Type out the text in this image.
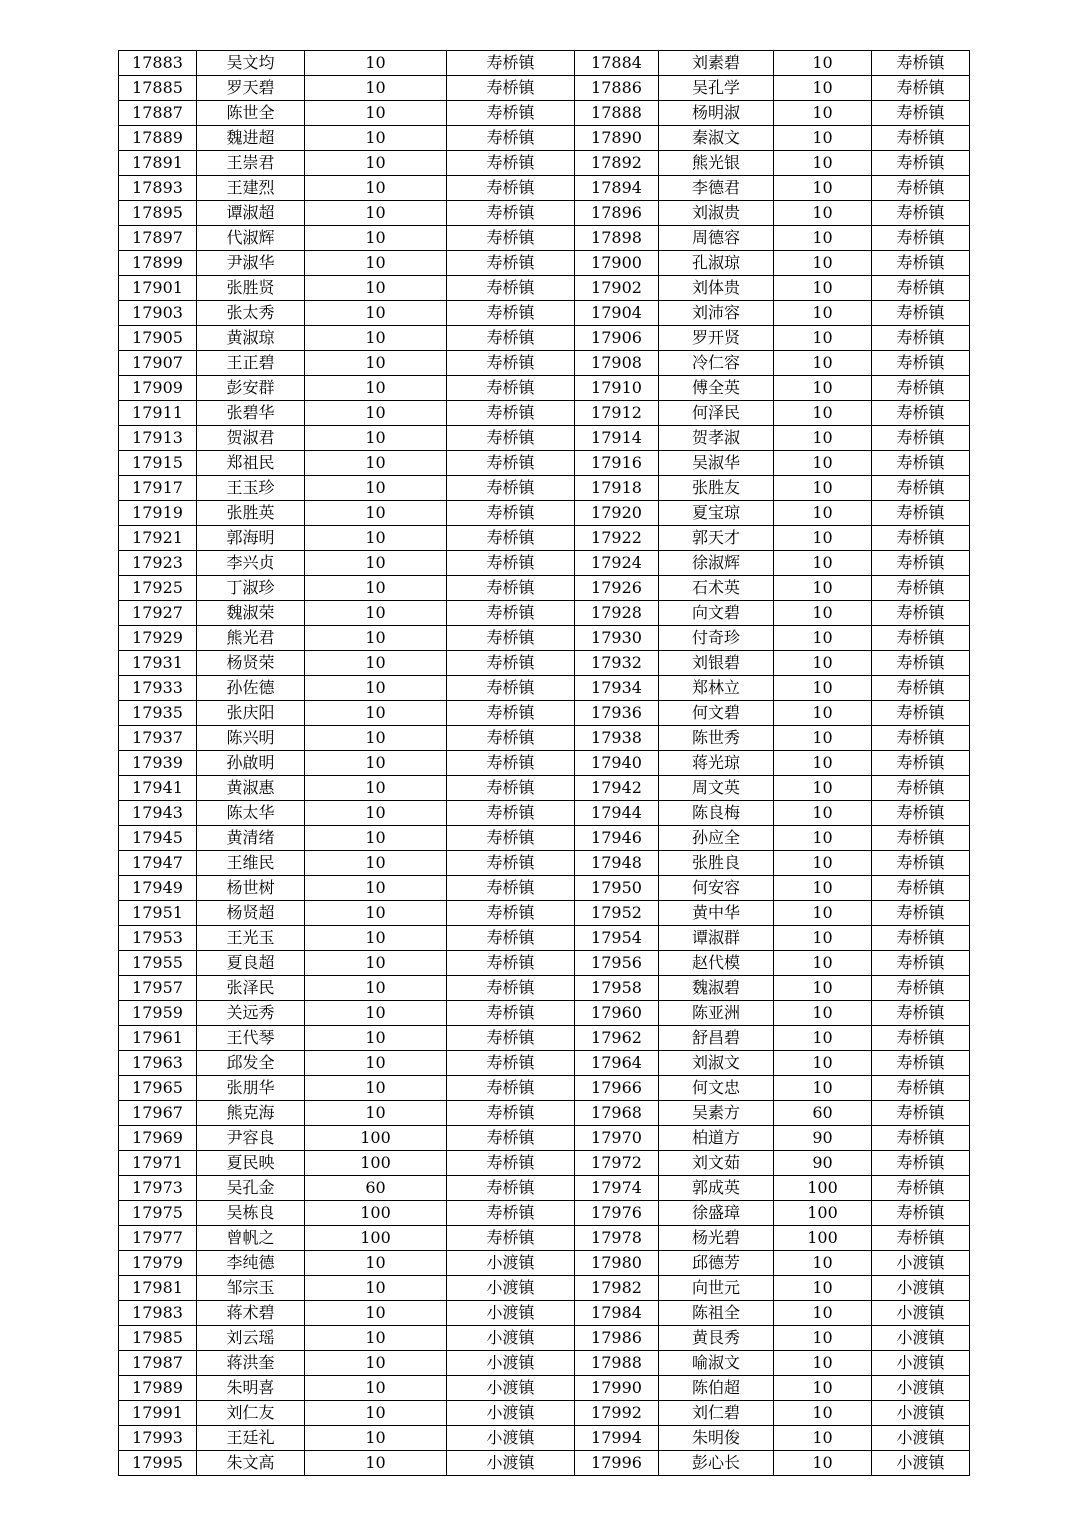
17883	吴文均	10	寿桥镇	17884	刘素碧	10	寿桥镇
17885	罗天碧	10	寿桥镇	17886	吴孔学	10	寿桥镇
17887	陈世全	10	寿桥镇	17888	杨明淑	10	寿桥镇
17889	魏进超	10	寿桥镇	17890	秦淑文	10	寿桥镇
17891	王崇君	10	寿桥镇	17892	熊光银	10	寿桥镇
17893	王建烈	10	寿桥镇	17894	李德君	10	寿桥镇
17895	谭淑超	10	寿桥镇	17896	刘淑贵	10	寿桥镇
17897	代淑辉	10	寿桥镇	17898	周德容	10	寿桥镇
17899	尹淑华	10	寿桥镇	17900	孔淑琼	10	寿桥镇
17901	张胜贤	10	寿桥镇	17902	刘体贵	10	寿桥镇
17903	张太秀	10	寿桥镇	17904	刘沛容	10	寿桥镇
17905	黄淑琼	10	寿桥镇	17906	罗开贤	10	寿桥镇
17907	王正碧	10	寿桥镇	17908	冷仁容	10	寿桥镇
17909	彭安群	10	寿桥镇	17910	傅全英	10	寿桥镇
17911	张碧华	10	寿桥镇	17912	何泽民	10	寿桥镇
17913	贺淑君	10	寿桥镇	17914	贺孝淑	10	寿桥镇
17915	郑祖民	10	寿桥镇	17916	吴淑华	10	寿桥镇
17917	王玉珍	10	寿桥镇	17918	张胜友	10	寿桥镇
17919	张胜英	10	寿桥镇	17920	夏宝琼	10	寿桥镇
17921	郭海明	10	寿桥镇	17922	郭天才	10	寿桥镇
17923	李兴贞	10	寿桥镇	17924	徐淑辉	10	寿桥镇
17925	丁淑珍	10	寿桥镇	17926	石术英	10	寿桥镇
17927	魏淑荣	10	寿桥镇	17928	向文碧	10	寿桥镇
17929	熊光君	10	寿桥镇	17930	付奇珍	10	寿桥镇
17931	杨贤荣	10	寿桥镇	17932	刘银碧	10	寿桥镇
17933	孙佐德	10	寿桥镇	17934	郑林立	10	寿桥镇
17935	张庆阳	10	寿桥镇	17936	何文碧	10	寿桥镇
17937	陈兴明	10	寿桥镇	17938	陈世秀	10	寿桥镇
17939	孙啟明	10	寿桥镇	17940	蒋光琼	10	寿桥镇
17941	黄淑惠	10	寿桥镇	17942	周文英	10	寿桥镇
17943	陈太华	10	寿桥镇	17944	陈良梅	10	寿桥镇
17945	黄清绪	10	寿桥镇	17946	孙应全	10	寿桥镇
17947	王维民	10	寿桥镇	17948	张胜良	10	寿桥镇
17949	杨世树	10	寿桥镇	17950	何安容	10	寿桥镇
17951	杨贤超	10	寿桥镇	17952	黄中华	10	寿桥镇
17953	王光玉	10	寿桥镇	17954	谭淑群	10	寿桥镇
17955	夏良超	10	寿桥镇	17956	赵代模	10	寿桥镇
17957	张泽民	10	寿桥镇	17958	魏淑碧	10	寿桥镇
17959	关远秀	10	寿桥镇	17960	陈亚洲	10	寿桥镇
17961	王代琴	10	寿桥镇	17962	舒昌碧	10	寿桥镇
17963	邱发全	10	寿桥镇	17964	刘淑文	10	寿桥镇
17965	张朋华	10	寿桥镇	17966	何文忠	10	寿桥镇
17967	熊克海	10	寿桥镇	17968	吴素方	60	寿桥镇
17969	尹容良	100	寿桥镇	17970	柏道方	90	寿桥镇
17971	夏民映	100	寿桥镇	17972	刘文茹	90	寿桥镇
17973	吴孔金	60	寿桥镇	17974	郭成英	100	寿桥镇
17975	吴栋良	100	寿桥镇	17976	徐盛璋	100	寿桥镇
17977	曾帆之	100	寿桥镇	17978	杨光碧	100	寿桥镇
17979	李纯德	10	小渡镇	17980	邱德芳	10	小渡镇
17981	邹宗玉	10	小渡镇	17982	向世元	10	小渡镇
17983	蒋术碧	10	小渡镇	17984	陈祖全	10	小渡镇
17985	刘云瑶	10	小渡镇	17986	黄艮秀	10	小渡镇
17987	蒋洪奎	10	小渡镇	17988	喻淑文	10	小渡镇
17989	朱明喜	10	小渡镇	17990	陈伯超	10	小渡镇
17991	刘仁友	10	小渡镇	17992	刘仁碧	10	小渡镇
17993	王廷礼	10	小渡镇	17994	朱明俊	10	小渡镇
17995	朱文高	10	小渡镇	17996	彭心长	10	小渡镇
